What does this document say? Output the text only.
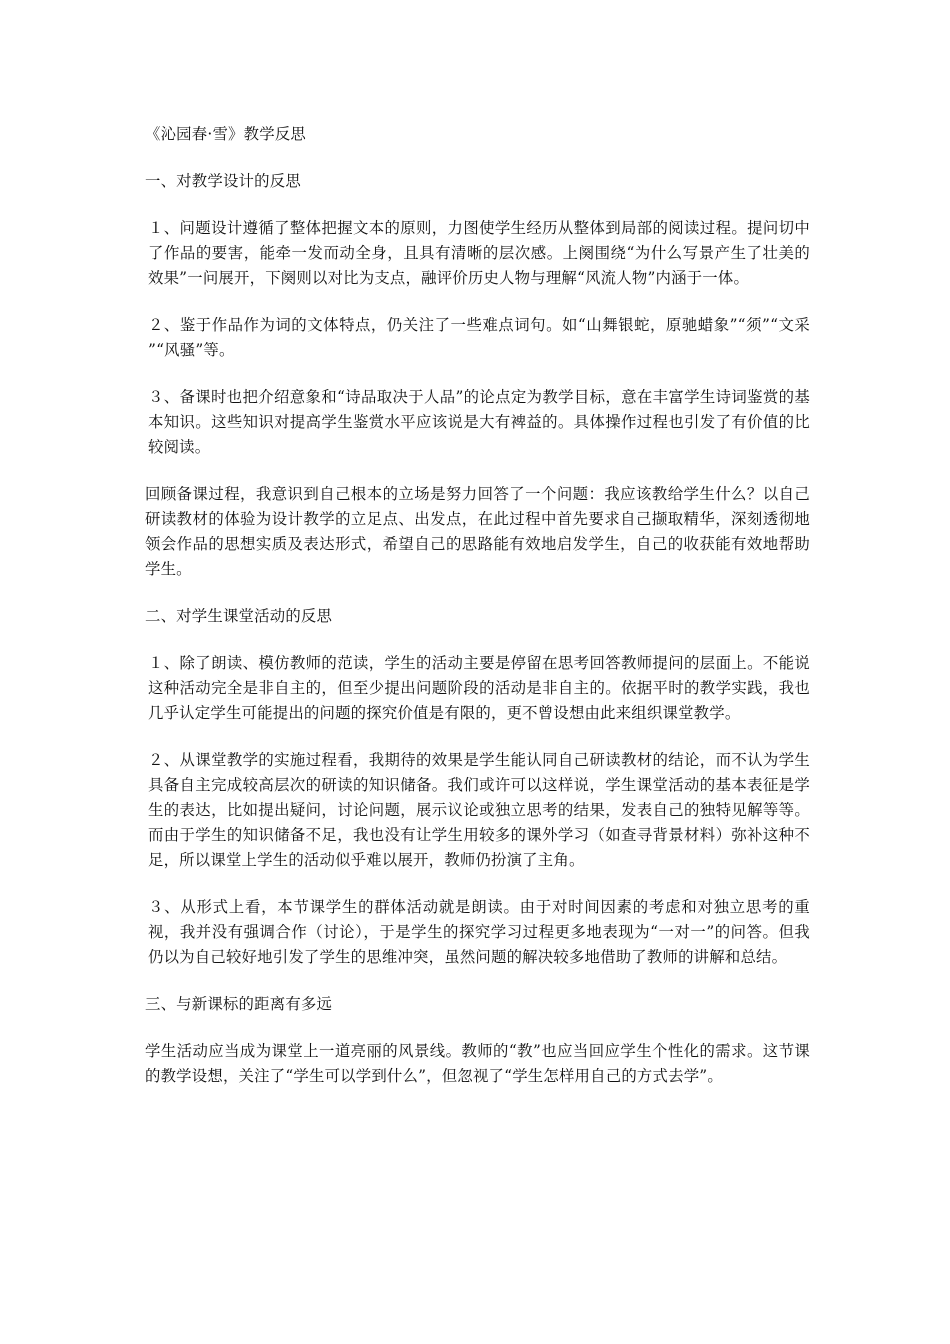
《沁园春·雪》教学反思
一、对教学设计的反思

１、问题设计遵循了整体把握文本的原则，力图使学生经历从整体到局部的阅读过程。提问切中了作品的要害，能牵一发而动全身，且具有清晰的层次感。上阕围绕“为什么写景产生了壮美的效果”一问展开，下阕则以对比为支点，融评价历史人物与理解“风流人物”内涵于一体。

２、鉴于作品作为词的文体特点，仍关注了一些难点词句。如“山舞银蛇，原驰蜡象”“须”“文采 ”“风骚”等。

３、备课时也把介绍意象和“诗品取决于人品”的论点定为教学目标，意在丰富学生诗词鉴赏的基本知识。这些知识对提高学生鉴赏水平应该说是大有裨益的。具体操作过程也引发了有价值的比较阅读。

回顾备课过程，我意识到自己根本的立场是努力回答了一个问题：我应该教给学生什么？以自己研读教材的体验为设计教学的立足点、出发点，在此过程中首先要求自己撷取精华，深刻透彻地领会作品的思想实质及表达形式，希望自己的思路能有效地启发学生，自己的收获能有效地帮助学生。

二、对学生课堂活动的反思

１、除了朗读、模仿教师的范读，学生的活动主要是停留在思考回答教师提问的层面上。不能说这种活动完全是非自主的，但至少提出问题阶段的活动是非自主的。依据平时的教学实践，我也几乎认定学生可能提出的问题的探究价值是有限的，更不曾设想由此来组织课堂教学。

２、从课堂教学的实施过程看，我期待的效果是学生能认同自己研读教材的结论，而不认为学生具备自主完成较高层次的研读的知识储备。我们或许可以这样说，学生课堂活动的基本表征是学生的表达，比如提出疑问，讨论问题，展示议论或独立思考的结果，发表自己的独特见解等等。而由于学生的知识储备不足，我也没有让学生用较多的课外学习（如查寻背景材料）弥补这种不足，所以课堂上学生的活动似乎难以展开，教师仍扮演了主角。

３、从形式上看，本节课学生的群体活动就是朗读。由于对时间因素的考虑和对独立思考的重视，我并没有强调合作（讨论），于是学生的探究学习过程更多地表现为“一对一”的问答。但我仍以为自己较好地引发了学生的思维冲突，虽然问题的解决较多地借助了教师的讲解和总结。

三、与新课标的距离有多远

学生活动应当成为课堂上一道亮丽的风景线。教师的“教”也应当回应学生个性化的需求。这节课的教学设想，关注了“学生可以学到什么”，但忽视了“学生怎样用自己的方式去学”。
